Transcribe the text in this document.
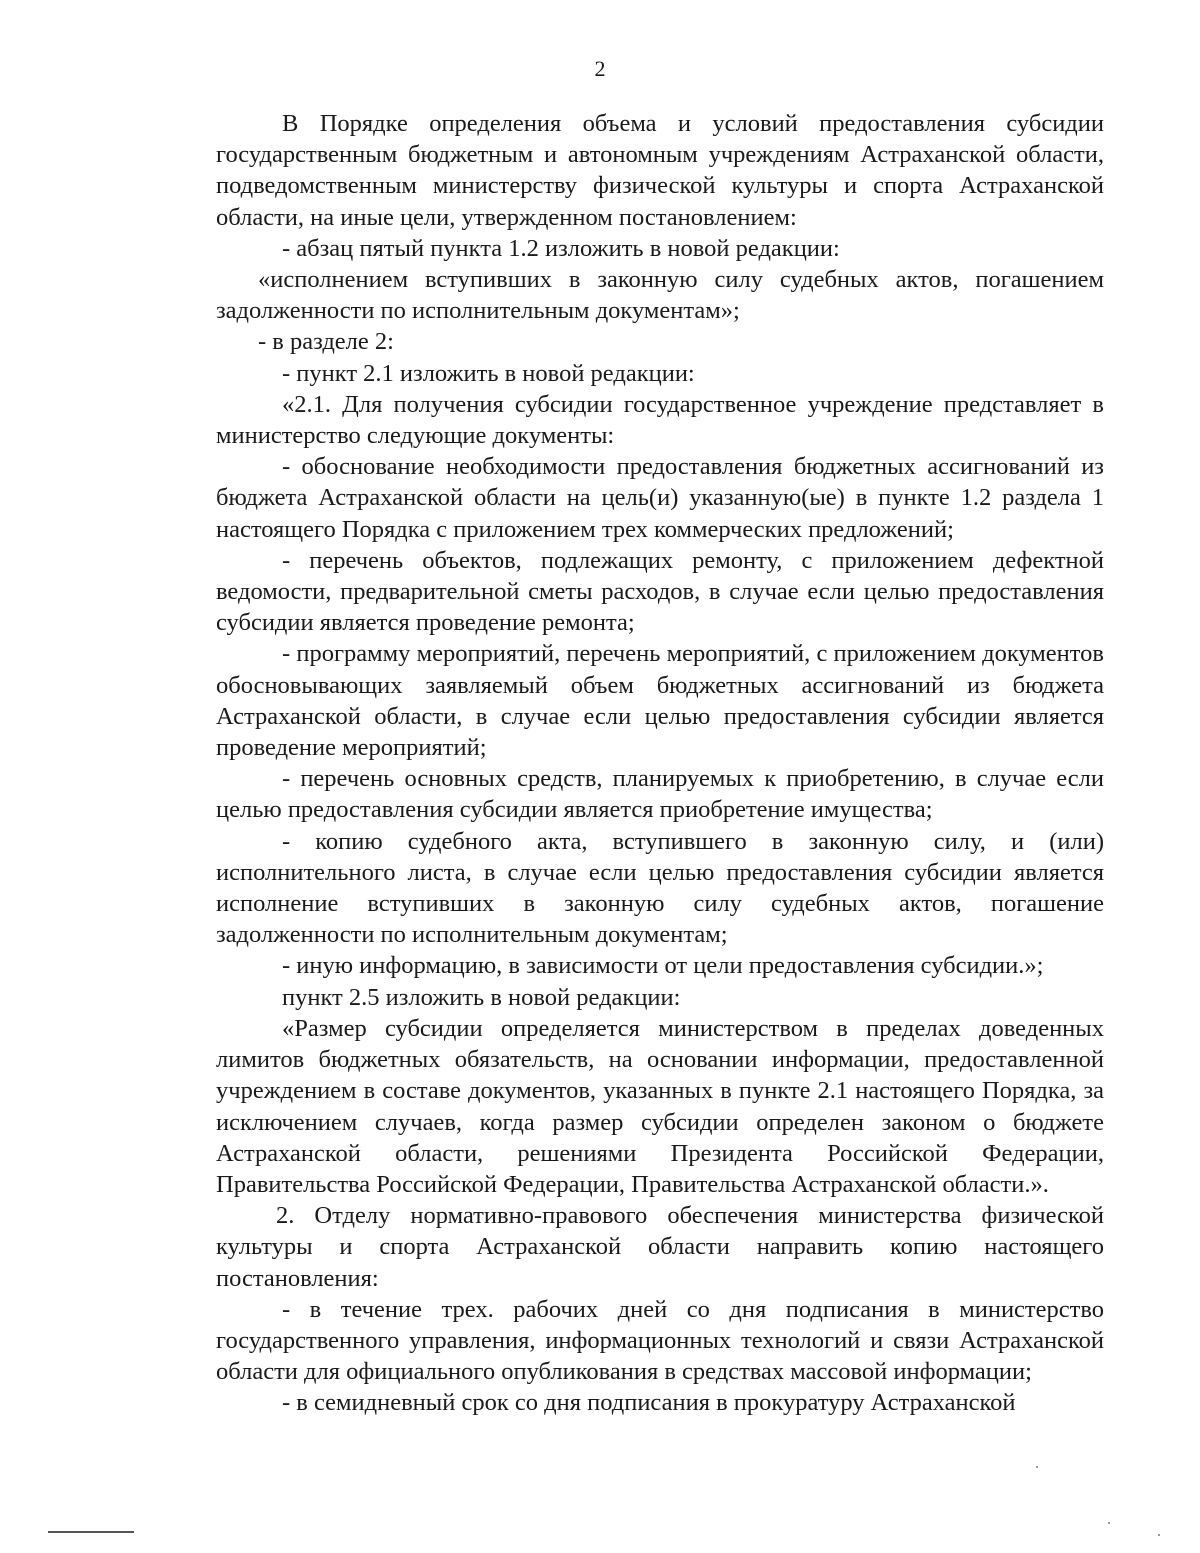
2

В Порядке определения объема и условий предоставления субсидии государственным бюджетным и автономным учреждениям Астраханской области, подведомственным министерству физической культуры и спорта Астраханской области, на иные цели, утвержденном постановлением:

- абзац пятый пункта 1.2 изложить в новой редакции:

«исполнением вступивших в законную силу судебных актов, погашением задолженности по исполнительным документам»;

- в разделе 2:

- пункт 2.1 изложить в новой редакции:

«2.1. Для получения субсидии государственное учреждение представляет в министерство следующие документы:

- обоснование необходимости предоставления бюджетных ассигнований из бюджета Астраханской области на цель(и) указанную(ые) в пункте 1.2 раздела 1 настоящего Порядка с приложением трех коммерческих предложений;

- перечень объектов, подлежащих ремонту, с приложением дефектной ведомости, предварительной сметы расходов, в случае если целью предоставления субсидии является проведение ремонта;

- программу мероприятий, перечень мероприятий, с приложением документов обосновывающих заявляемый объем бюджетных ассигнований из бюджета Астраханской области, в случае если целью предоставления субсидии является проведение мероприятий;

- перечень основных средств, планируемых к приобретению, в случае если целью предоставления субсидии является приобретение имущества;

- копию судебного акта, вступившего в законную силу, и (или) исполнительного листа, в случае если целью предоставления субсидии является исполнение вступивших в законную силу судебных актов, погашение задолженности по исполнительным документам;

- иную информацию, в зависимости от цели предоставления субсидии.»;

пункт 2.5 изложить в новой редакции:

«Размер субсидии определяется министерством в пределах доведенных лимитов бюджетных обязательств, на основании информации, предоставленной учреждением в составе документов, указанных в пункте 2.1 настоящего Порядка, за исключением случаев, когда размер субсидии определен законом о бюджете Астраханской области, решениями Президента Российской Федерации, Правительства Российской Федерации, Правительства Астраханской области.».

2. Отделу нормативно-правового обеспечения министерства физической культуры и спорта Астраханской области направить копию настоящего постановления:

- в течение трех. рабочих дней со дня подписания в министерство государственного управления, информационных технологий и связи Астраханской области для официального опубликования в средствах массовой информации;

- в семидневный срок со дня подписания в прокуратуру Астраханской
